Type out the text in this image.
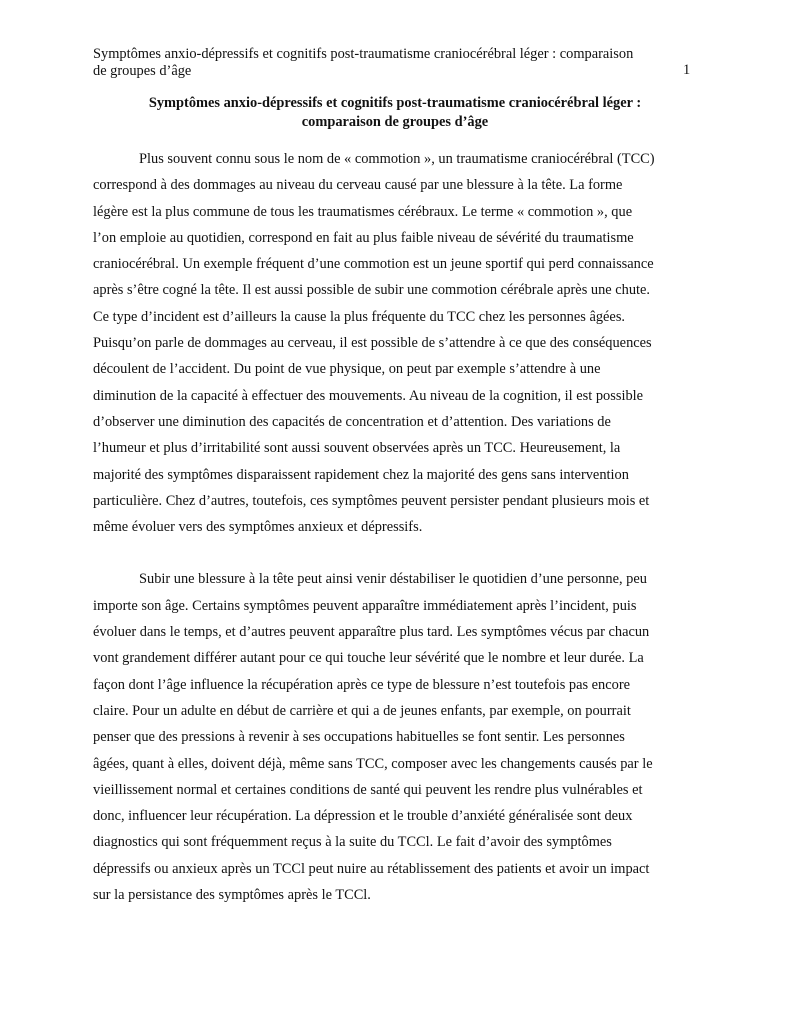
Symptômes anxio-dépressifs et cognitifs post-traumatisme craniocérébral léger : comparaison
de groupes d’âge	1
Symptômes anxio-dépressifs et cognitifs post-traumatisme craniocérébral léger :
comparaison de groupes d’âge
Plus souvent connu sous le nom de « commotion », un traumatisme craniocérébral (TCC)
correspond à des dommages au niveau du cerveau causé par une blessure à la tête. La forme
légère est la plus commune de tous les traumatismes cérébraux. Le terme « commotion », que
l’on emploie au quotidien, correspond en fait au plus faible niveau de sévérité du traumatisme
craniocérébral. Un exemple fréquent d’une commotion est un jeune sportif qui perd connaissance
après s’être cogné la tête. Il est aussi possible de subir une commotion cérébrale après une chute.
Ce type d’incident est d’ailleurs la cause la plus fréquente du TCC chez les personnes âgées.
Puisqu’on parle de dommages au cerveau, il est possible de s’attendre à ce que des conséquences
découlent de l’accident. Du point de vue physique, on peut par exemple s’attendre à une
diminution de la capacité à effectuer des mouvements. Au niveau de la cognition, il est possible
d’observer une diminution des capacités de concentration et d’attention. Des variations de
l’humeur et plus d’irritabilité sont aussi souvent observées après un TCC. Heureusement, la
majorité des symptômes disparaissent rapidement chez la majorité des gens sans intervention
particulière. Chez d’autres, toutefois, ces symptômes peuvent persister pendant plusieurs mois et
même évoluer vers des symptômes anxieux et dépressifs.
Subir une blessure à la tête peut ainsi venir déstabiliser le quotidien d’une personne, peu
importe son âge. Certains symptômes peuvent apparaître immédiatement après l’incident, puis
évoluer dans le temps, et d’autres peuvent apparaître plus tard. Les symptômes vécus par chacun
vont grandement différer autant pour ce qui touche leur sévérité que le nombre et leur durée. La
façon dont l’âge influence la récupération après ce type de blessure n’est toutefois pas encore
claire. Pour un adulte en début de carrière et qui a de jeunes enfants, par exemple, on pourrait
penser que des pressions à revenir à ses occupations habituelles se font sentir. Les personnes
âgées, quant à elles, doivent déjà, même sans TCC, composer avec les changements causés par le
vieillissement normal et certaines conditions de santé qui peuvent les rendre plus vulnérables et
donc, influencer leur récupération. La dépression et le trouble d’anxiété généralisée sont deux
diagnostics qui sont fréquemment reçus à la suite du TCCl. Le fait d’avoir des symptômes
dépressifs ou anxieux après un TCCl peut nuire au rétablissement des patients et avoir un impact
sur la persistance des symptômes après le TCCl.
